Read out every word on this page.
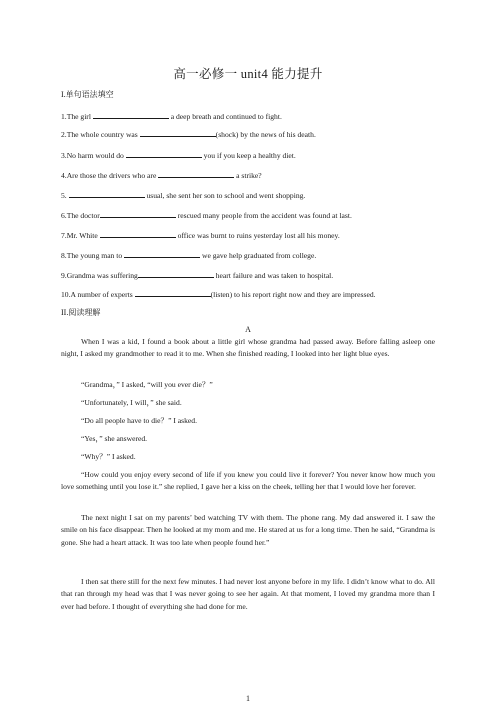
高一必修一 unit4 能力提升
I.单句语法填空
1.The girl	a deep breath and continued to fight.
2.The whole country was	(shock) by the news of his death.
3.No harm would do	you if you keep a healthy diet.
4.Are those the drivers who are	a strike?
5.	usual, she sent her son to school and went shopping.
6.The doctor	rescued many people from the accident was found at last.
7.Mr. White	office was burnt to ruins yesterday lost all his money.
8.The young man to	we gave help graduated from college.
9.Grandma was suffering	heart failure and was taken to hospital.
10.A number of experts	(listen) to his report right now and they are impressed.
II.阅读理解
A
When I was a kid, I found a book about a little girl whose grandma had passed away. Before falling asleep one night, I asked my grandmother to read it to me. When she finished reading, I looked into her light blue eyes.
“Grandma，” I asked, “will you ever die？”
“Unfortunately, I will，” she said.
“Do all people have to die？” I asked.
“Yes，” she answered.
“Why？” I asked.
“How could you enjoy every second of life if you knew you could live it forever? You never know how much you love something until you lose it.” she replied, I gave her a kiss on the cheek, telling her that I would love her forever.
The next night I sat on my parents’ bed watching TV with them. The phone rang. My dad answered it. I saw the smile on his face disappear. Then he looked at my mom and me. He stared at us for a long time. Then he said, “Grandma is gone. She had a heart attack. It was too late when people found her.”
I then sat there still for the next few minutes. I had never lost anyone before in my life. I didn’t know what to do. All that ran through my head was that I was never going to see her again. At that moment, I loved my grandma more than I ever had before. I thought of everything she had done for me.
1
